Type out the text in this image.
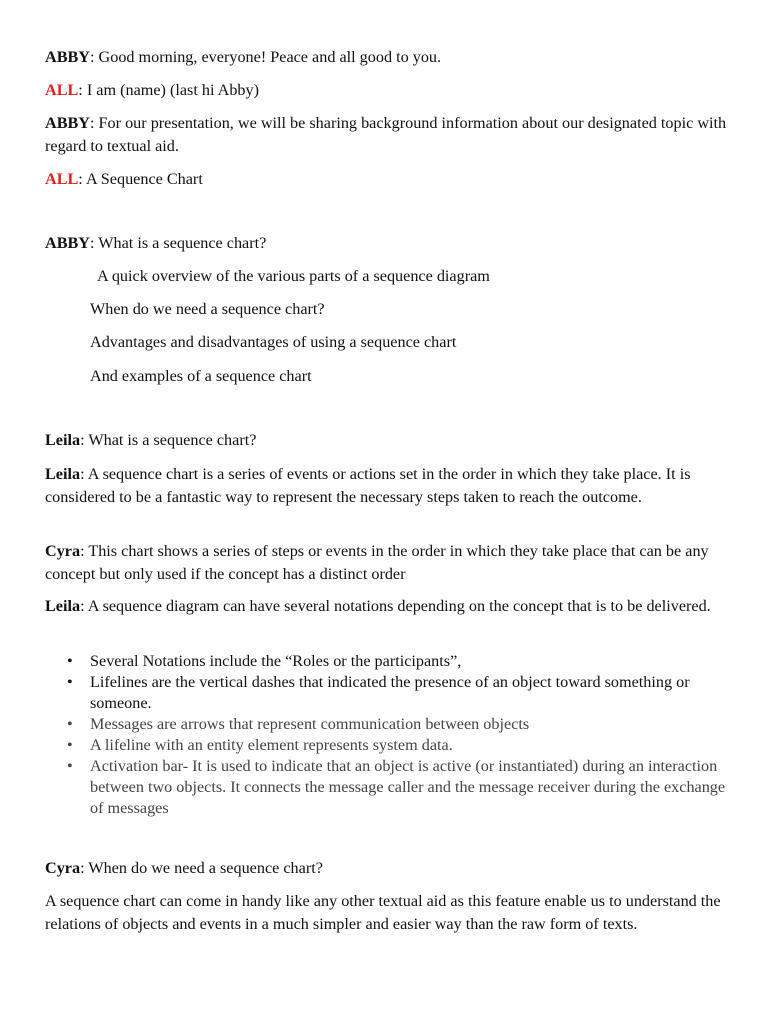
ABBY: Good morning, everyone! Peace and all good to you.
ALL: I am (name) (last hi Abby)
ABBY: For our presentation, we will be sharing background information about our designated topic with regard to textual aid.
ALL: A Sequence Chart
ABBY: What is a sequence chart?
A quick overview of the various parts of a sequence diagram
When do we need a sequence chart?
Advantages and disadvantages of using a sequence chart
And examples of a sequence chart
Leila: What is a sequence chart?
Leila: A sequence chart is a series of events or actions set in the order in which they take place. It is considered to be a fantastic way to represent the necessary steps taken to reach the outcome.
Cyra: This chart shows a series of steps or events in the order in which they take place that can be any concept but only used if the concept has a distinct order
Leila: A sequence diagram can have several notations depending on the concept that is to be delivered.
• Several Notations include the “Roles or the participants”,
• Lifelines are the vertical dashes that indicated the presence of an object toward something or someone.
• Messages are arrows that represent communication between objects
• A lifeline with an entity element represents system data.
• Activation bar- It is used to indicate that an object is active (or instantiated) during an interaction between two objects. It connects the message caller and the message receiver during the exchange of messages
Cyra: When do we need a sequence chart?
A sequence chart can come in handy like any other textual aid as this feature enable us to understand the relations of objects and events in a much simpler and easier way than the raw form of texts.
